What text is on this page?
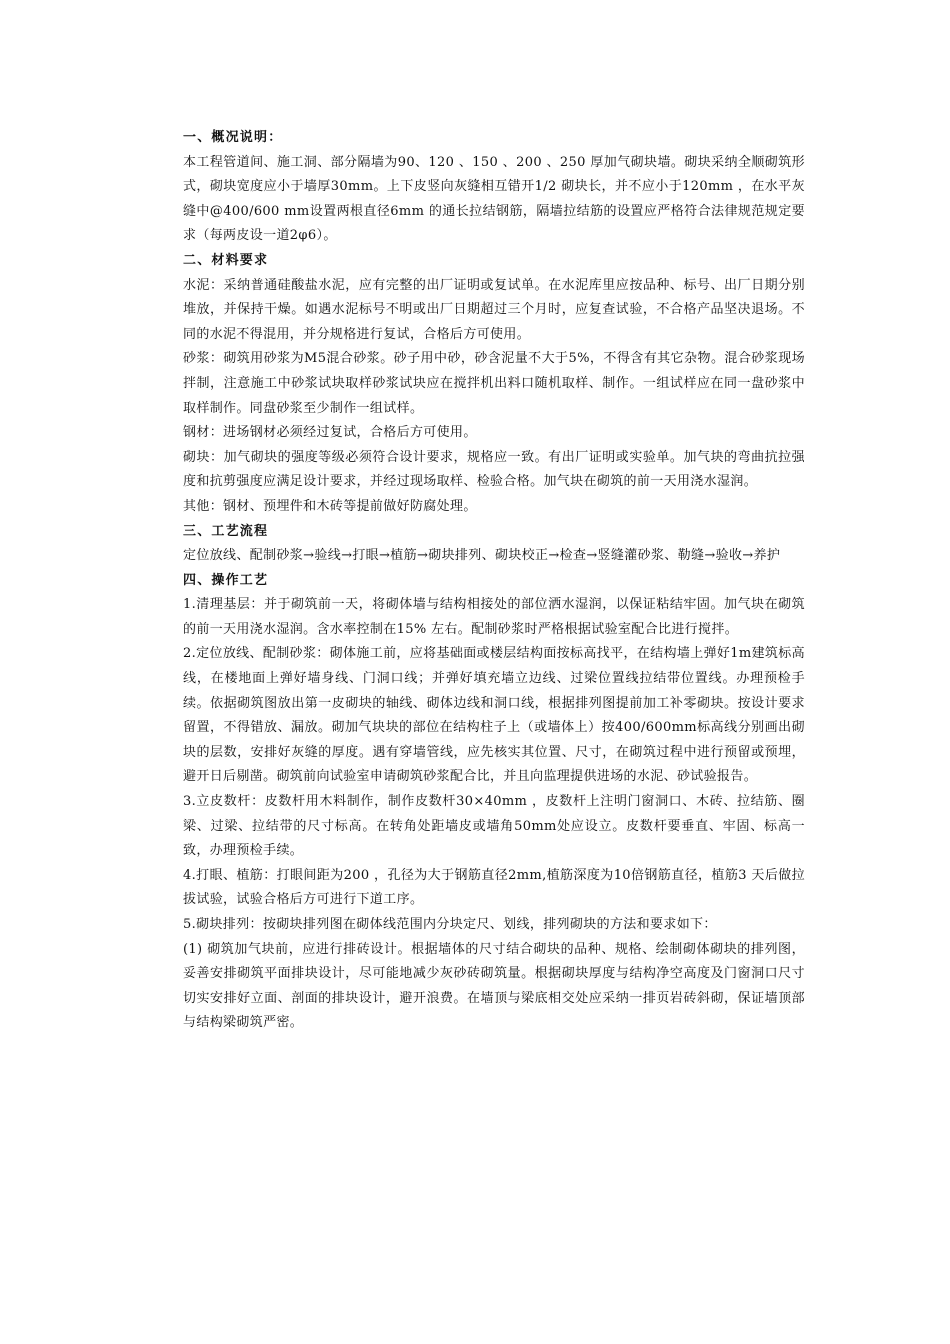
一、概况说明：

本工程管道间、施工洞、部分隔墙为90、120 、150 、200 、250 厚加气砌块墙。砌块采纳全顺砌筑形式，砌块宽度应小于墙厚30mm。上下皮竖向灰缝相互错开1/2 砌块长，并不应小于120mm ，在水平灰缝中@400/600 mm设置两根直径6mm 的通长拉结钢筋，隔墙拉结筋的设置应严格符合法律规范规定要求（每两皮设一道2φ6）。

二、材料要求

水泥：采纳普通硅酸盐水泥，应有完整的出厂证明或复试单。在水泥库里应按品种、标号、出厂日期分别堆放，并保持干燥。如遇水泥标号不明或出厂日期超过三个月时，应复查试验，不合格产品坚决退场。不同的水泥不得混用，并分规格进行复试，合格后方可使用。

砂浆：砌筑用砂浆为M5混合砂浆。砂子用中砂，砂含泥量不大于5%，不得含有其它杂物。混合砂浆现场拌制，注意施工中砂浆试块取样砂浆试块应在搅拌机出料口随机取样、制作。一组试样应在同一盘砂浆中取样制作。同盘砂浆至少制作一组试样。

钢材：进场钢材必须经过复试，合格后方可使用。

砌块：加气砌块的强度等级必须符合设计要求，规格应一致。有出厂证明或实验单。加气块的弯曲抗拉强度和抗剪强度应满足设计要求，并经过现场取样、检验合格。加气块在砌筑的前一天用浇水湿润。

其他：钢材、预埋件和木砖等提前做好防腐处理。

三、工艺流程

定位放线、配制砂浆→验线→打眼→植筋→砌块排列、砌块校正→检查→竖缝灌砂浆、勒缝→验收→养护

四、操作工艺

1.清理基层：并于砌筑前一天，将砌体墙与结构相接处的部位洒水湿润，以保证粘结牢固。加气块在砌筑的前一天用浇水湿润。含水率控制在15% 左右。配制砂浆时严格根据试验室配合比进行搅拌。

2.定位放线、配制砂浆：砌体施工前，应将基础面或楼层结构面按标高找平，在结构墙上弹好1m建筑标高线，在楼地面上弹好墙身线、门洞口线；并弹好填充墙立边线、过梁位置线拉结带位置线。办理预检手续。依据砌筑图放出第一皮砌块的轴线、砌体边线和洞口线，根据排列图提前加工补零砌块。按设计要求留置，不得错放、漏放。砌加气块块的部位在结构柱子上（或墙体上）按400/600mm标高线分别画出砌块的层数，安排好灰缝的厚度。遇有穿墙管线，应先核实其位置、尺寸，在砌筑过程中进行预留或预埋，避开日后剔凿。砌筑前向试验室申请砌筑砂浆配合比，并且向监理提供进场的水泥、砂试验报告。

3.立皮数杆：皮数杆用木料制作，制作皮数杆30×40mm ，皮数杆上注明门窗洞口、木砖、拉结筋、圈梁、过梁、拉结带的尺寸标高。在转角处距墙皮或墙角50mm处应设立。皮数杆要垂直、牢固、标高一致，办理预检手续。

4.打眼、植筋：打眼间距为200 ，孔径为大于钢筋直径2mm,植筋深度为10倍钢筋直径，植筋3 天后做拉拔试验，试验合格后方可进行下道工序。

5.砌块排列：按砌块排列图在砌体线范围内分块定尺、划线，排列砌块的方法和要求如下：

(1) 砌筑加气块前，应进行排砖设计。根据墙体的尺寸结合砌块的品种、规格、绘制砌体砌块的排列图，妥善安排砌筑平面排块设计，尽可能地减少灰砂砖砌筑量。根据砌块厚度与结构净空高度及门窗洞口尺寸切实安排好立面、剖面的排块设计，避开浪费。在墙顶与梁底相交处应采纳一排页岩砖斜砌，保证墙顶部与结构梁砌筑严密。
